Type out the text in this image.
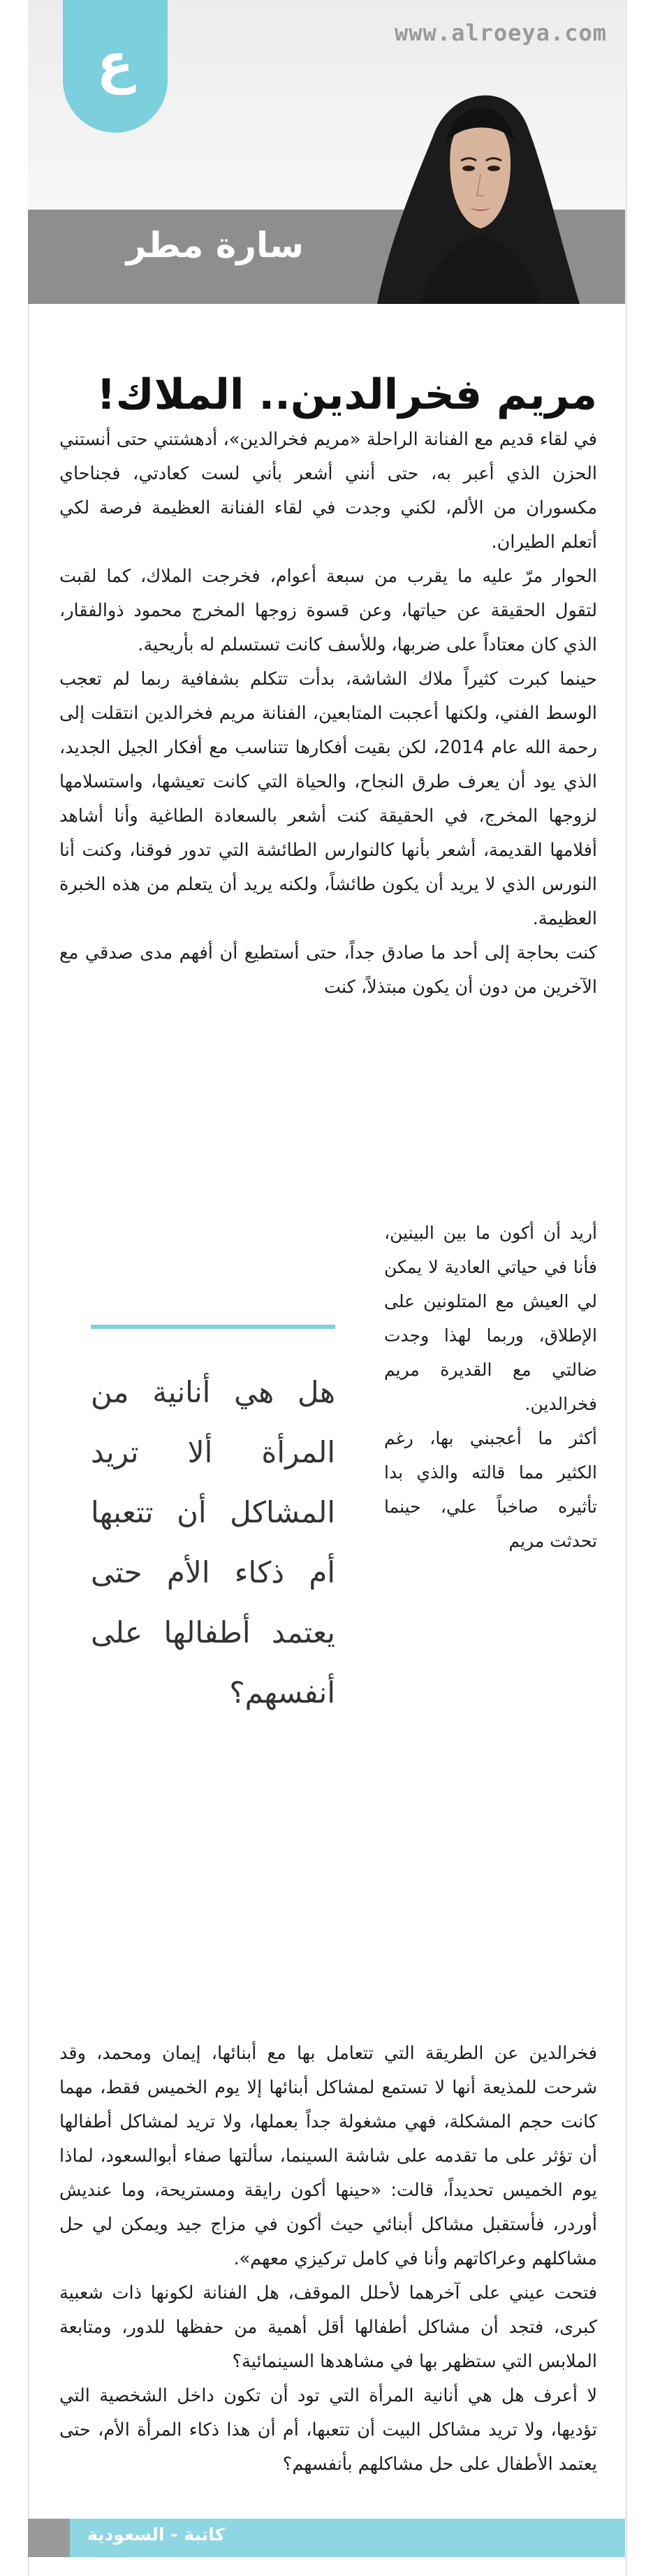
www.alroeya.com
ع
سارة مطر
مريم فخرالدين.. الملاك!

في لقاء قديم مع الفنانة الراحلة «مريم فخرالدين»، أدهشتني حتى أنستني الحزن الذي أعبر به، حتى أنني أشعر بأني لست كعادتي، فجناحاي مكسوران من الألم، لكني وجدت في لقاء الفنانة العظيمة فرصة لكي أتعلم الطيران.

الحوار مرّ عليه ما يقرب من سبعة أعوام، فخرجت الملاك، كما لقبت لتقول الحقيقة عن حياتها، وعن قسوة زوجها المخرج محمود ذوالفقار، الذي كان معتاداً على ضربها، وللأسف كانت تستسلم له بأريحية.

حينما كبرت كثيراً ملاك الشاشة، بدأت تتكلم بشفافية ربما لم تعجب الوسط الفني، ولكنها أعجبت المتابعين، الفنانة مريم فخرالدين انتقلت إلى رحمة الله عام 2014، لكن بقيت أفكارها تتناسب مع أفكار الجيل الجديد، الذي يود أن يعرف طرق النجاح، والحياة التي كانت تعيشها، واستسلامها لزوجها المخرج، في الحقيقة كنت أشعر بالسعادة الطاغية وأنا أشاهد أفلامها القديمة، أشعر بأنها كالنوارس الطائشة التي تدور فوقنا، وكنت أنا النورس الذي لا يريد أن يكون طائشاً، ولكنه يريد أن يتعلم من هذه الخبرة العظيمة.

كنت بحاجة إلى أحد ما صادق جداً، حتى أستطيع أن أفهم مدى صدقي مع الآخرين من دون أن يكون مبتذلاً، كنت

أريد أن أكون ما بين البينين، فأنا في حياتي العادية لا يمكن لي العيش مع المتلونين على الإطلاق، وربما لهذا وجدت ضالتي مع القديرة مريم فخرالدين.

أكثر ما أعجبني بها، رغم الكثير مما قالته والذي بدا تأثيره صاخباً علي، حينما تحدثت مريم

هل هي أنانية من المرأة ألا تريد المشاكل أن تتعبها أم ذكاء الأم حتى يعتمد أطفالها على أنفسهم؟

فخرالدين عن الطريقة التي تتعامل بها مع أبنائها، إيمان ومحمد، وقد شرحت للمذيعة أنها لا تستمع لمشاكل أبنائها إلا يوم الخميس فقط، مهما كانت حجم المشكلة، فهي مشغولة جداً بعملها، ولا تريد لمشاكل أطفالها أن تؤثر على ما تقدمه على شاشة السينما، سألتها صفاء أبوالسعود، لماذا يوم الخميس تحديداً، قالت: «حينها أكون رايقة ومستريحة، وما عنديش أوردر، فأستقبل مشاكل أبنائي حيث أكون في مزاج جيد ويمكن لي حل مشاكلهم وعراكاتهم وأنا في كامل تركيزي معهم».

فتحت عيني على آخرهما لأحلل الموقف، هل الفنانة لكونها ذات شعبية كبرى، فتجد أن مشاكل أطفالها أقل أهمية من حفظها للدور، ومتابعة الملابس التي ستظهر بها في مشاهدها السينمائية؟

لا أعرف هل هي أنانية المرأة التي تود أن تكون داخل الشخصية التي تؤديها، ولا تريد مشاكل البيت أن تتعبها، أم أن هذا ذكاء المرأة الأم، حتى يعتمد الأطفال على حل مشاكلهم بأنفسهم؟

كاتبة - السعودية
